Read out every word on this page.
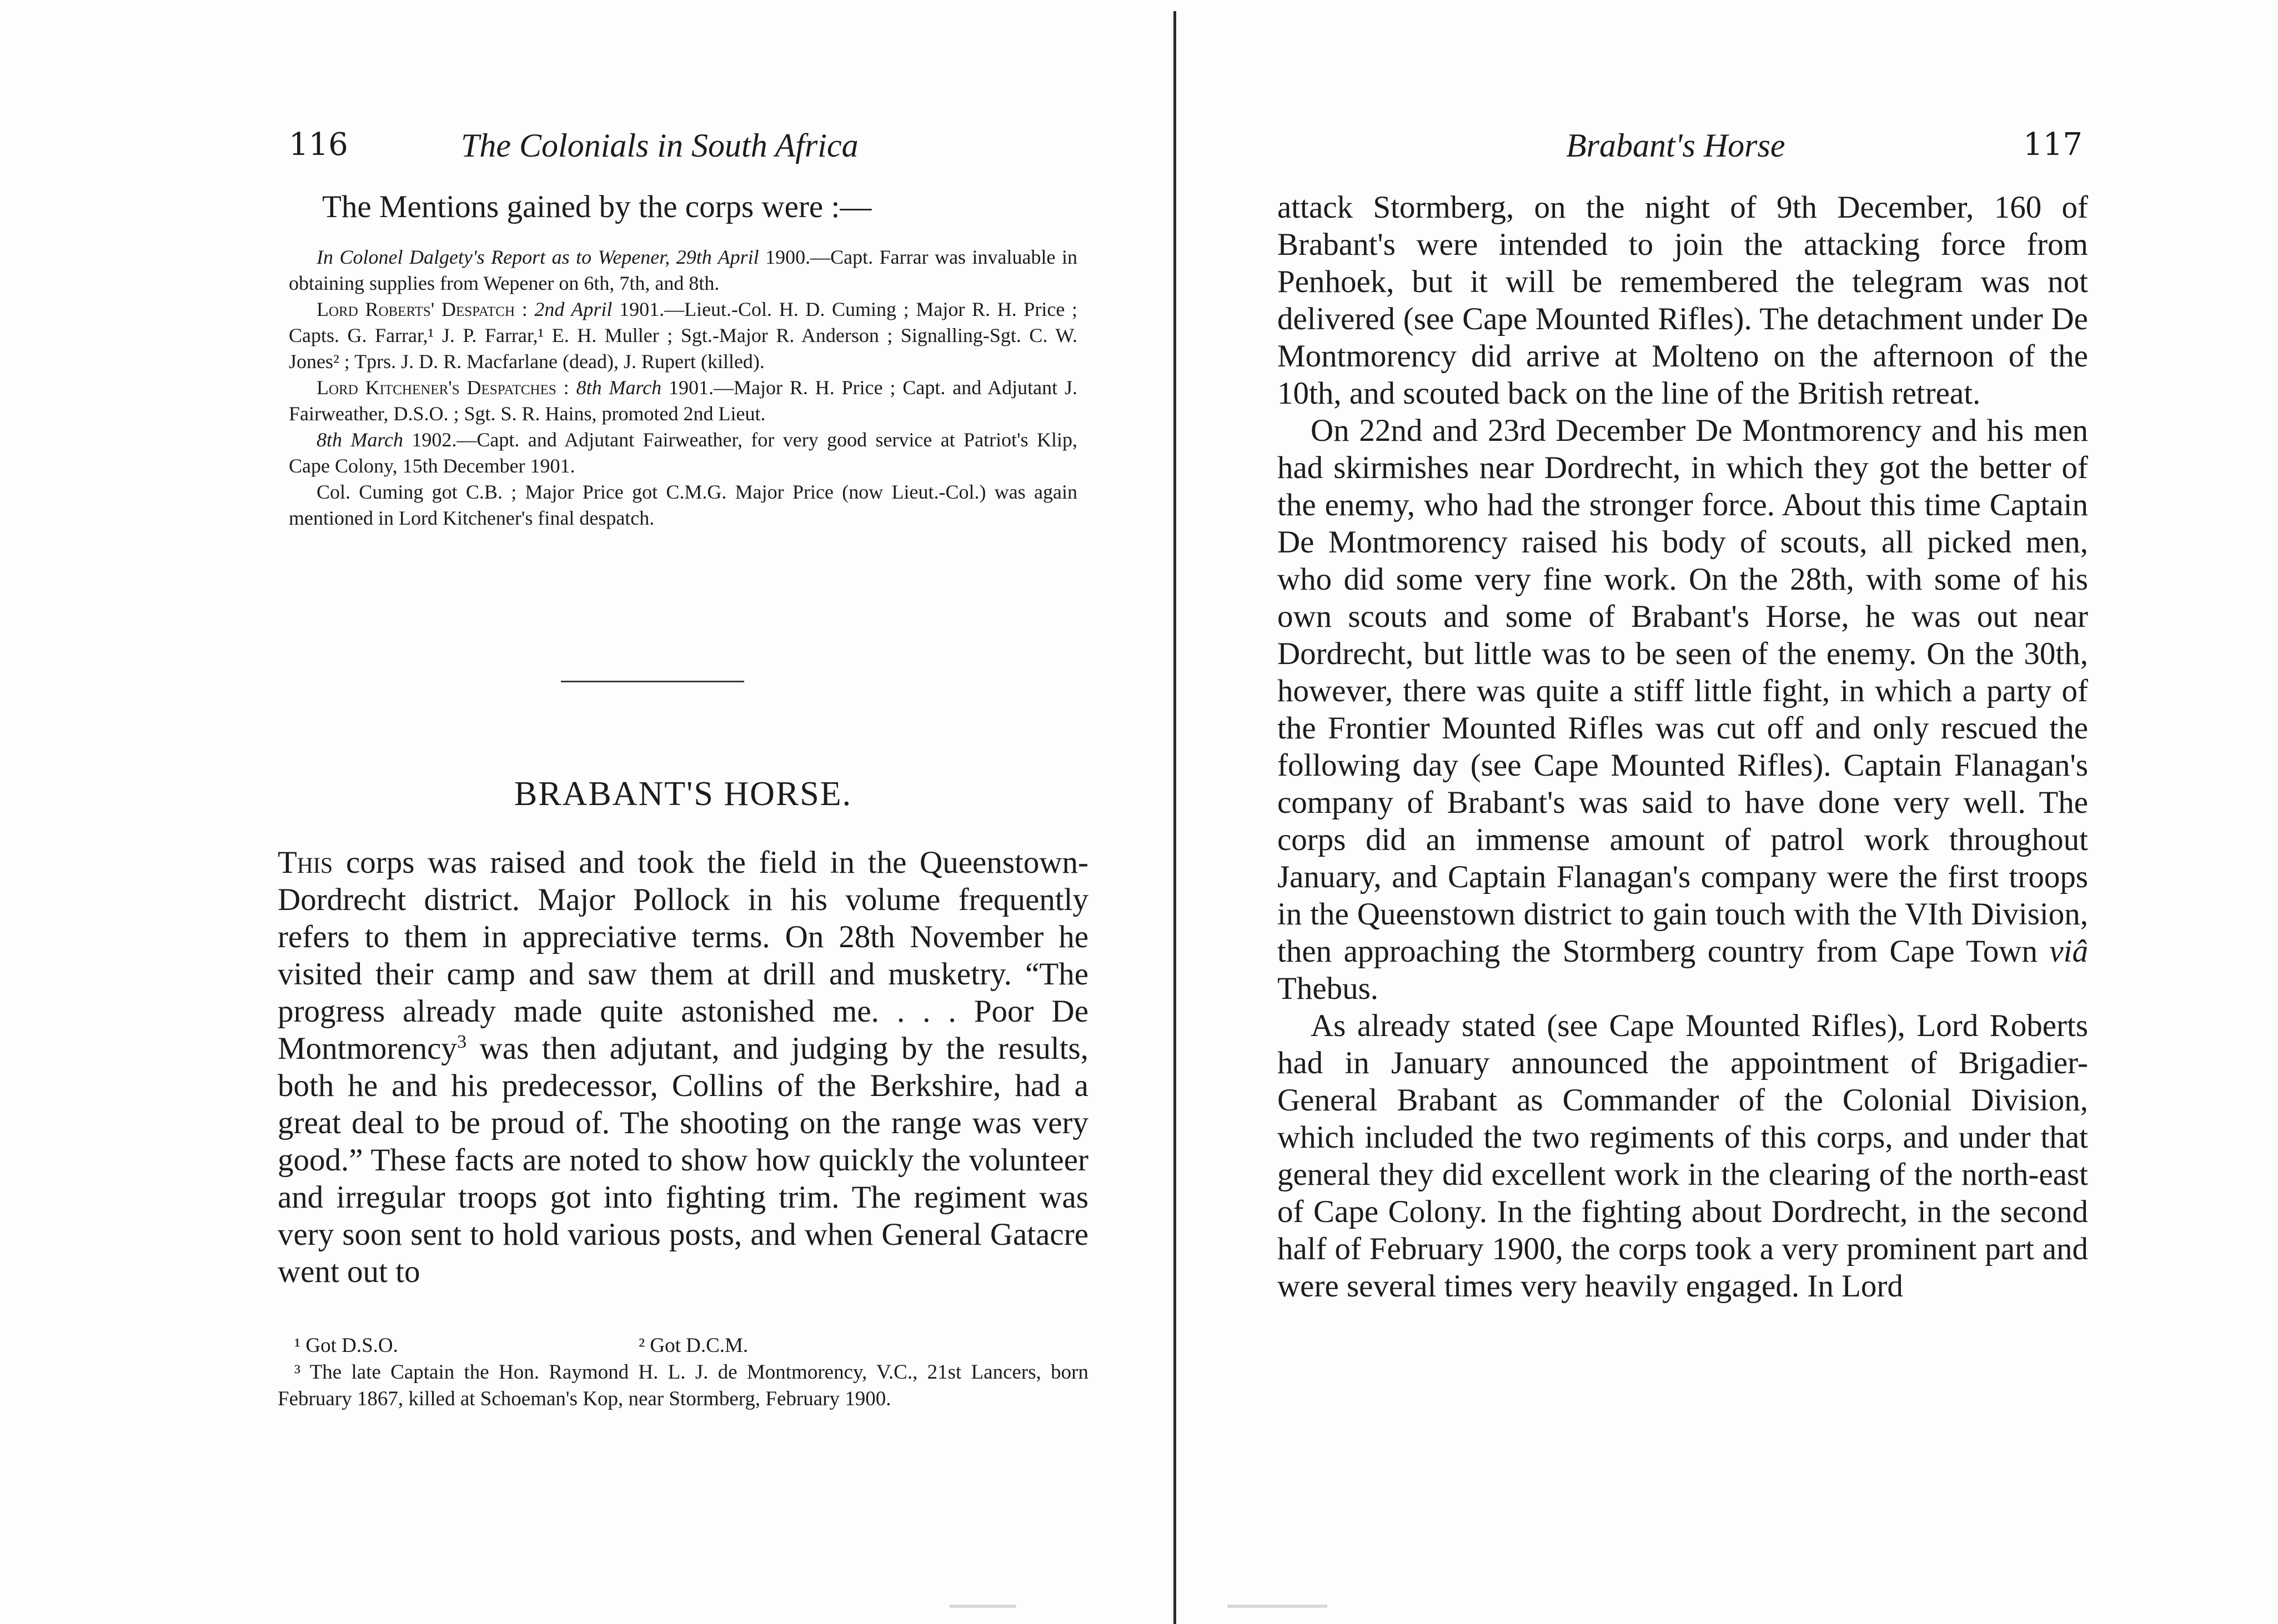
116	The Colonials in South Africa
The Mentions gained by the corps were :—

In Colonel Dalgety's Report as to Wepener, 29th April 1900.—Capt. Farrar was invaluable in obtaining supplies from Wepener on 6th, 7th, and 8th.

Lord Roberts' Despatch : 2nd April 1901.—Lieut.-Col. H. D. Cuming ; Major R. H. Price ; Capts. G. Farrar,¹ J. P. Farrar,¹ E. H. Muller ; Sgt.-Major R. Anderson ; Signalling-Sgt. C. W. Jones² ; Tprs. J. D. R. Macfarlane (dead), J. Rupert (killed).

Lord Kitchener's Despatches : 8th March 1901.—Major R. H. Price ; Capt. and Adjutant J. Fairweather, D.S.O. ; Sgt. S. R. Hains, promoted 2nd Lieut.

8th March 1902.—Capt. and Adjutant Fairweather, for very good service at Patriot's Klip, Cape Colony, 15th December 1901.

Col. Cuming got C.B. ; Major Price got C.M.G. Major Price (now Lieut.-Col.) was again mentioned in Lord Kitchener's final despatch.

BRABANT'S HORSE.

This corps was raised and took the field in the Queenstown-Dordrecht district. Major Pollock in his volume frequently refers to them in appreciative terms. On 28th November he visited their camp and saw them at drill and musketry. “The progress already made quite astonished me. . . . Poor De Montmorency$^3$ was then adjutant, and judging by the results, both he and his predecessor, Collins of the Berkshire, had a great deal to be proud of. The shooting on the range was very good.” These facts are noted to show how quickly the volunteer and irregular troops got into fighting trim. The regiment was very soon sent to hold various posts, and when General Gatacre went out to

¹ Got D.S.O.	² Got D.C.M.

³ The late Captain the Hon. Raymond H. L. J. de Montmorency, V.C., 21st Lancers, born February 1867, killed at Schoeman's Kop, near Stormberg, February 1900.

Brabant's Horse	117

attack Stormberg, on the night of 9th December, 160 of Brabant's were intended to join the attacking force from Penhoek, but it will be remembered the telegram was not delivered (see Cape Mounted Rifles). The detachment under De Montmorency did arrive at Molteno on the afternoon of the 10th, and scouted back on the line of the British retreat.

On 22nd and 23rd December De Montmorency and his men had skirmishes near Dordrecht, in which they got the better of the enemy, who had the stronger force. About this time Captain De Montmorency raised his body of scouts, all picked men, who did some very fine work. On the 28th, with some of his own scouts and some of Brabant's Horse, he was out near Dordrecht, but little was to be seen of the enemy. On the 30th, however, there was quite a stiff little fight, in which a party of the Frontier Mounted Rifles was cut off and only rescued the following day (see Cape Mounted Rifles). Captain Flanagan's company of Brabant's was said to have done very well. The corps did an immense amount of patrol work throughout January, and Captain Flanagan's company were the first troops in the Queenstown district to gain touch with the VIth Division, then approaching the Stormberg country from Cape Town viâ Thebus.

As already stated (see Cape Mounted Rifles), Lord Roberts had in January announced the appointment of Brigadier-General Brabant as Commander of the Colonial Division, which included the two regiments of this corps, and under that general they did excellent work in the clearing of the north-east of Cape Colony. In the fighting about Dordrecht, in the second half of February 1900, the corps took a very prominent part and were several times very heavily engaged. In Lord
